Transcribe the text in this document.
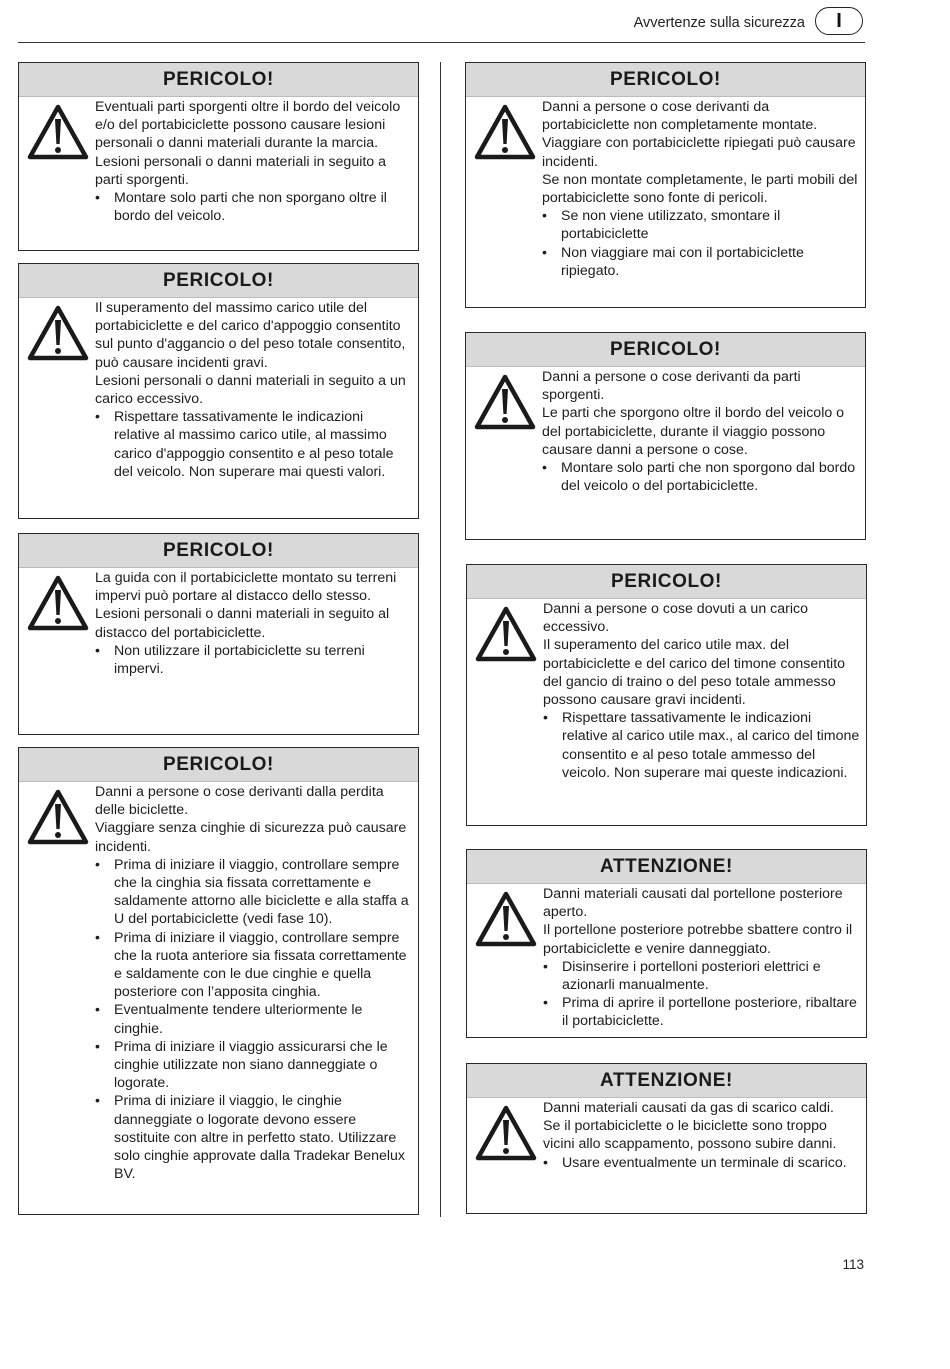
Avvertenze sulla sicurezza	I
PERICOLO!

Eventuali parti sporgenti oltre il bordo del veicolo e/o del portabiciclette possono causare lesioni personali o danni materiali durante la marcia.

Lesioni personali o danni materiali in seguito a parti sporgenti.

• Montare solo parti che non sporgano oltre il bordo del veicolo.
PERICOLO!

Il superamento del massimo carico utile del portabiciclette e del carico d'appoggio consentito sul punto d'aggancio o del peso totale consentito, può causare incidenti gravi.

Lesioni personali o danni materiali in seguito a un carico eccessivo.

• Rispettare tassativamente le indicazioni relative al massimo carico utile, al massimo carico d'appoggio consentito e al peso totale del veicolo. Non superare mai questi valori.
PERICOLO!

La guida con il portabiciclette montato su terreni impervi può portare al distacco dello stesso.

Lesioni personali o danni materiali in seguito al distacco del portabiciclette.

• Non utilizzare il portabiciclette su terreni impervi.
PERICOLO!

Danni a persone o cose derivanti dalla perdita delle biciclette.

Viaggiare senza cinghie di sicurezza può causare incidenti.

• Prima di iniziare il viaggio, controllare sempre che la cinghia sia fissata correttamente e saldamente attorno alle biciclette e alla staffa a U del portabiciclette (vedi fase 10).
• Prima di iniziare il viaggio, controllare sempre che la ruota anteriore sia fissata correttamente e saldamente con le due cinghie e quella posteriore con l’apposita cinghia.
• Eventualmente tendere ulteriormente le cinghie.
• Prima di iniziare il viaggio assicurarsi che le cinghie utilizzate non siano danneggiate o logorate.
• Prima di iniziare il viaggio, le cinghie danneggiate o logorate devono essere sostituite con altre in perfetto stato. Utilizzare solo cinghie approvate dalla Tradekar Benelux BV.
PERICOLO!

Danni a persone o cose derivanti da portabiciclette non completamente montate.

Viaggiare con portabiciclette ripiegati può causare incidenti.

Se non montate completamente, le parti mobili del portabiciclette sono fonte di pericoli.

• Se non viene utilizzato, smontare il portabiciclette
• Non viaggiare mai con il portabiciclette ripiegato.
PERICOLO!

Danni a persone o cose derivanti da parti sporgenti.

Le parti che sporgono oltre il bordo del veicolo o del portabiciclette, durante il viaggio possono causare danni a persone o cose.

• Montare solo parti che non sporgono dal bordo del veicolo o del portabiciclette.
PERICOLO!

Danni a persone o cose dovuti a un carico eccessivo.

Il superamento del carico utile max. del portabiciclette e del carico del timone consentito del gancio di traino o del peso totale ammesso possono causare gravi incidenti.

• Rispettare tassativamente le indicazioni relative al carico utile max., al carico del timone consentito e al peso totale ammesso del veicolo. Non superare mai queste indicazioni.
ATTENZIONE!

Danni materiali causati dal portellone posteriore aperto.

Il portellone posteriore potrebbe sbattere contro il portabiciclette e venire danneggiato.

• Disinserire i portelloni posteriori elettrici e azionarli manualmente.
• Prima di aprire il portellone posteriore, ribaltare il portabiciclette.
ATTENZIONE!

Danni materiali causati da gas di scarico caldi.

Se il portabiciclette o le biciclette sono troppo vicini allo scappamento, possono subire danni.

• Usare eventualmente un terminale di scarico.
113
